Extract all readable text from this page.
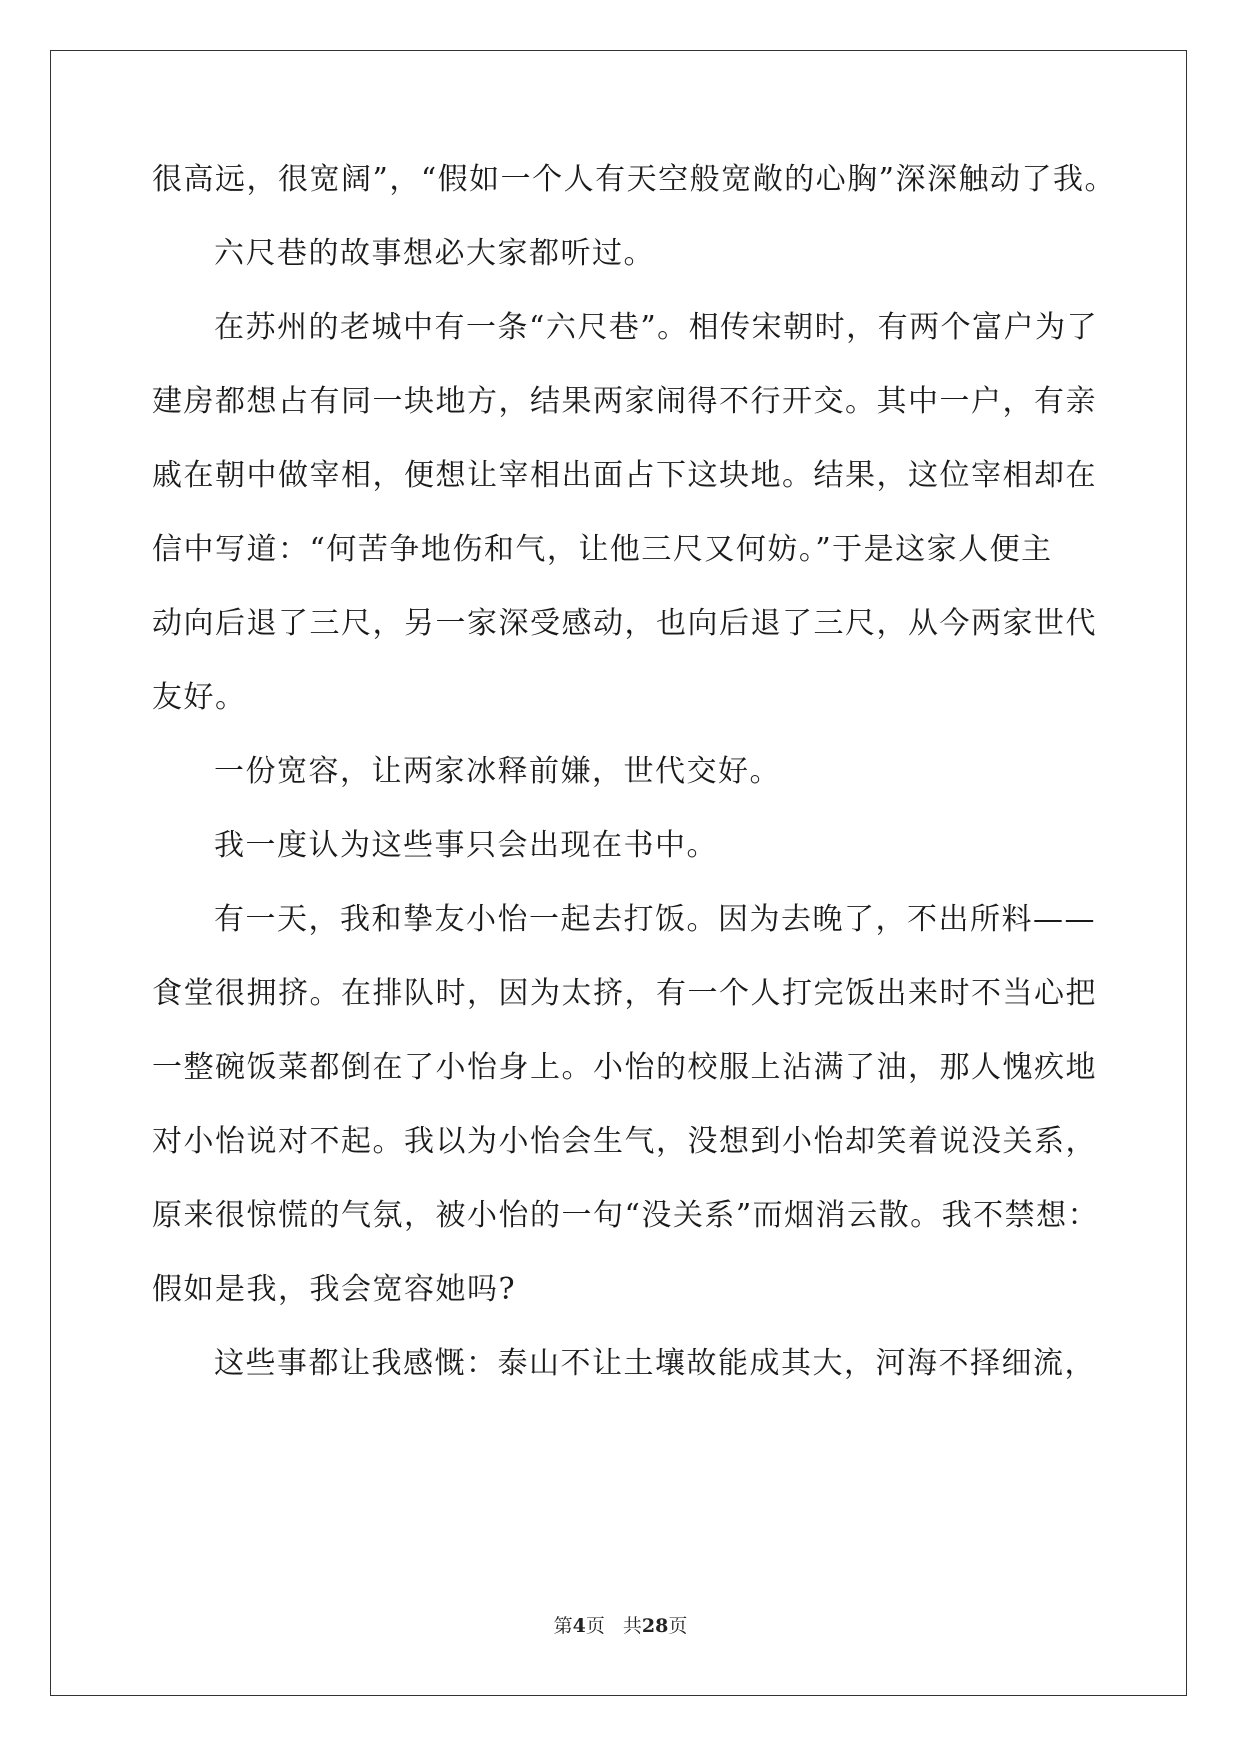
很高远，很宽阔”，“假如一个人有天空般宽敞的心胸”深深触动了我。
六尺巷的故事想必大家都听过。
在苏州的老城中有一条“六尺巷”。相传宋朝时，有两个富户为了
建房都想占有同一块地方，结果两家闹得不行开交。其中一户，有亲
戚在朝中做宰相，便想让宰相出面占下这块地。结果，这位宰相却在
信中写道：“何苦争地伤和气，让他三尺又何妨。”于是这家人便主
动向后退了三尺，另一家深受感动，也向后退了三尺，从今两家世代
友好。
一份宽容，让两家冰释前嫌，世代交好。
我一度认为这些事只会出现在书中。
有一天，我和挚友小怡一起去打饭。因为去晚了，不出所料——
食堂很拥挤。在排队时，因为太挤，有一个人打完饭出来时不当心把
一整碗饭菜都倒在了小怡身上。小怡的校服上沾满了油，那人愧疚地
对小怡说对不起。我以为小怡会生气，没想到小怡却笑着说没关系，
原来很惊慌的气氛，被小怡的一句“没关系”而烟消云散。我不禁想：
假如是我，我会宽容她吗?
这些事都让我感慨：泰山不让土壤故能成其大，河海不择细流，
第4页 共28页
